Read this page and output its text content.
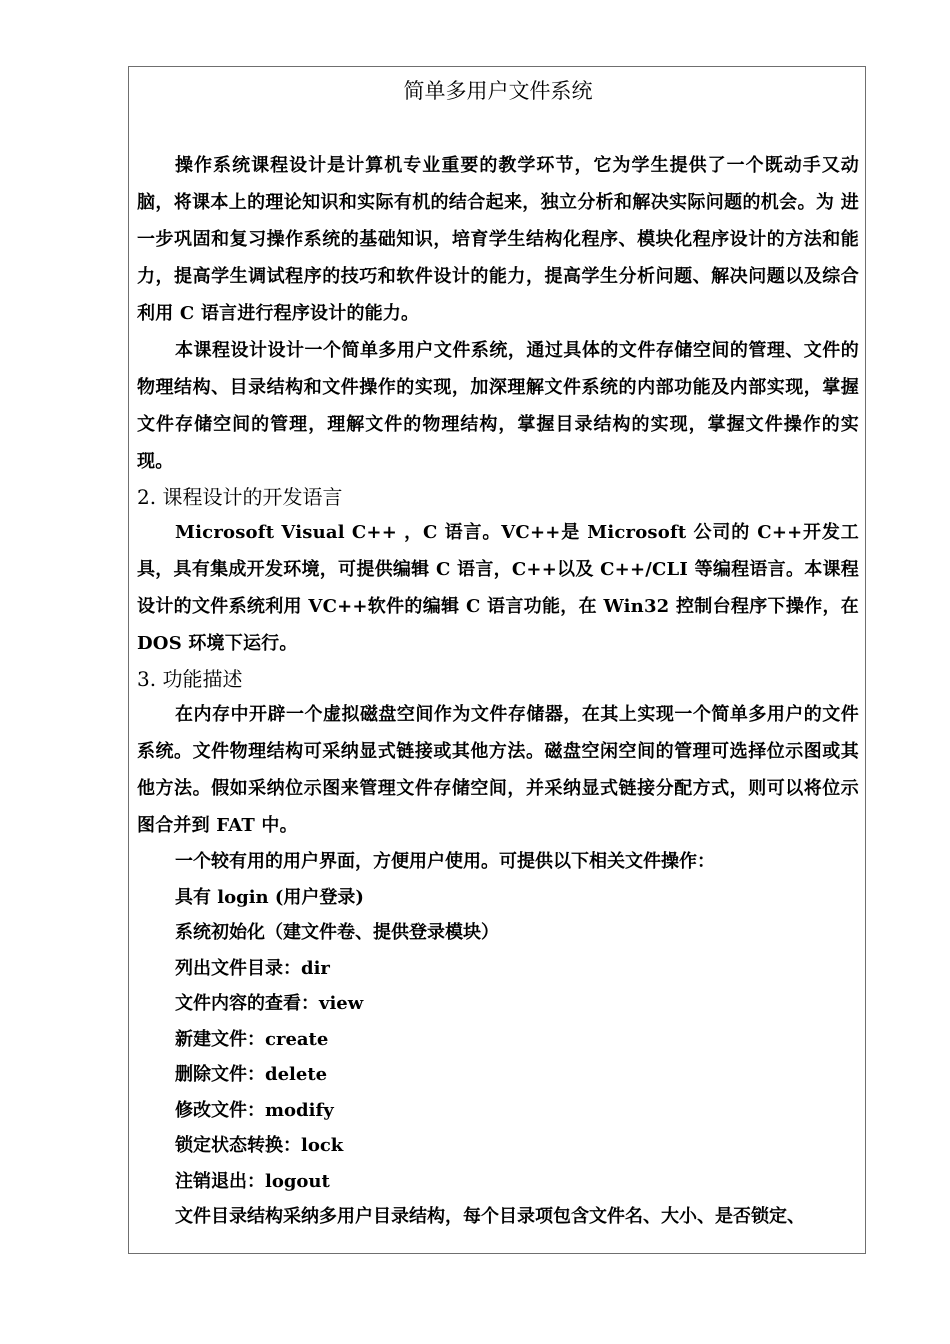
简单多用户文件系统

操作系统课程设计是计算机专业重要的教学环节，它为学生提供了一个既动手又动脑，将课本上的理论知识和实际有机的结合起来，独立分析和解决实际问题的机会。为 进一步巩固和复习操作系统的基础知识，培育学生结构化程序、模块化程序设计的方法和能力，提高学生调试程序的技巧和软件设计的能力，提高学生分析问题、解决问题以及综合利用 C 语言进行程序设计的能力。

本课程设计设计一个简单多用户文件系统，通过具体的文件存储空间的管理、文件的物理结构、目录结构和文件操作的实现，加深理解文件系统的内部功能及内部实现，掌握文件存储空间的管理，理解文件的物理结构，掌握目录结构的实现，掌握文件操作的实现。

2. 课程设计的开发语言

Microsoft Visual C++ ，C 语言。VC++是 Microsoft 公司的 C++开发工具，具有集成开发环境，可提供编辑 C 语言，C++以及 C++/CLI 等编程语言。本课程设计的文件系统利用 VC++软件的编辑 C 语言功能，在 Win32 控制台程序下操作，在 DOS 环境下运行。

3. 功能描述

在内存中开辟一个虚拟磁盘空间作为文件存储器，在其上实现一个简单多用户的文件系统。文件物理结构可采纳显式链接或其他方法。磁盘空闲空间的管理可选择位示图或其他方法。假如采纳位示图来管理文件存储空间，并采纳显式链接分配方式，则可以将位示图合并到 FAT 中。

一个较有用的用户界面，方便用户使用。可提供以下相关文件操作：
具有 login (用户登录)
系统初始化（建文件卷、提供登录模块）
列出文件目录：dir
文件内容的查看：view
新建文件：create
删除文件：delete
修改文件：modify
锁定状态转换：lock
注销退出：logout
文件目录结构采纳多用户目录结构，每个目录项包含文件名、大小、是否锁定、
